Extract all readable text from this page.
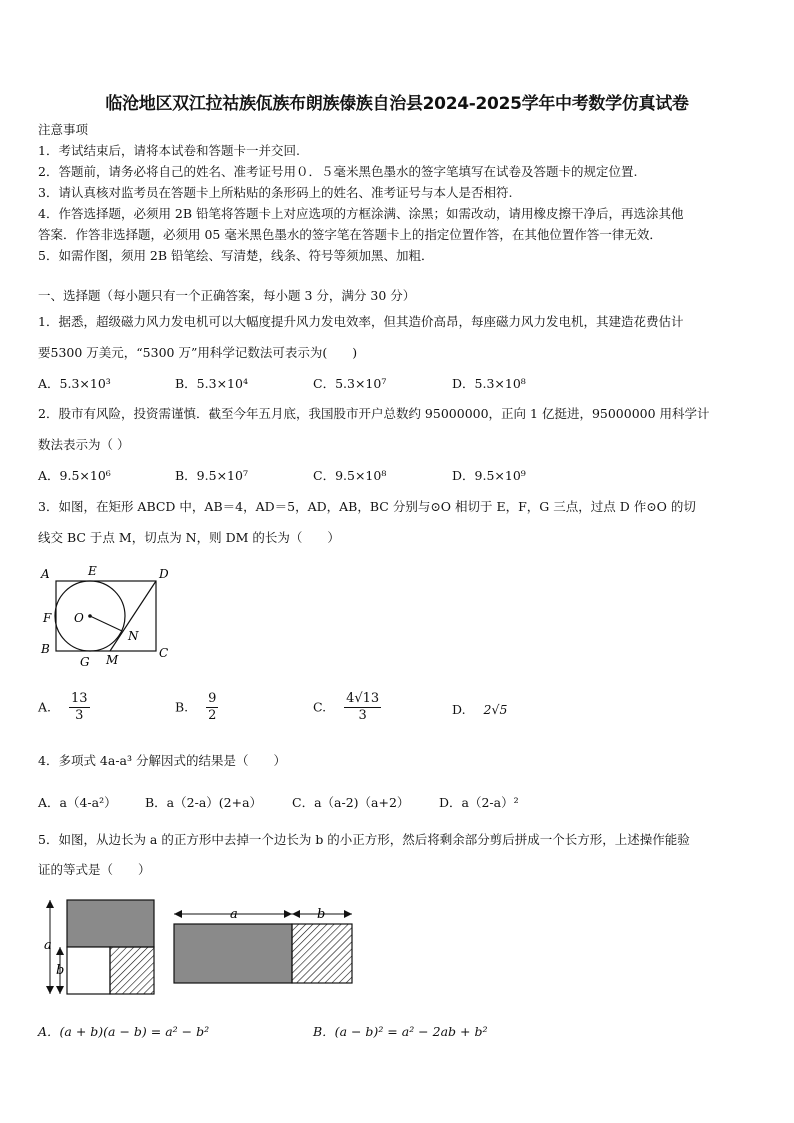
临沧地区双江拉祜族佤族布朗族傣族自治县2024-2025学年中考数学仿真试卷
注意事项
1．考试结束后，请将本试卷和答题卡一并交回.
2．答题前，请务必将自己的姓名、准考证号用０．５毫米黑色墨水的签字笔填写在试卷及答题卡的规定位置.
3．请认真核对监考员在答题卡上所粘贴的条形码上的姓名、准考证号与本人是否相符.
4．作答选择题，必须用 2B 铅笔将答题卡上对应选项的方框涂满、涂黑；如需改动，请用橡皮擦干净后，再选涂其他
答案．作答非选择题，必须用 05 毫米黑色墨水的签字笔在答题卡上的指定位置作答，在其他位置作答一律无效．
5．如需作图，须用 2B 铅笔绘、写清楚，线条、符号等须加黑、加粗．
一、选择题（每小题只有一个正确答案，每小题 3 分，满分 30 分）
1．据悉，超级磁力风力发电机可以大幅度提升风力发电效率，但其造价高昂，每座磁力风力发电机，其建造花费估计
要5300 万美元，“5300 万”用科学记数法可表示为(　　)
A．5.3×10³	B．5.3×10⁴	C．5.3×10⁷	D．5.3×10⁸
2．股市有风险，投资需谨慎．截至今年五月底，我国股市开户总数约 95000000，正向 1 亿挺进，95000000 用科学计
数法表示为（ ）
A．9.5×10⁶	B．9.5×10⁷	C．9.5×10⁸	D．9.5×10⁹
3．如图，在矩形 ABCD 中，AB＝4，AD＝5，AD，AB，BC 分别与⊙O 相切于 E，F，G 三点，过点 D 作⊙O 的切
线交 BC 于点 M，切点为 N，则 DM 的长为（　　）
A	E	D
F O
N
B
G M	C
A. $\frac{13}{3}$	B. $\frac{9}{2}$	C. $\frac{4√13}{3}$	D. 2√5
4．多项式 4a-a³ 分解因式的结果是（　　）
A．a（4-a²） B．a（2-a）(2+a） C．a（a-2)（a+2） D．a（2-a）²
5．如图，从边长为 a 的正方形中去掉一个边长为 b 的小正方形，然后将剩余部分剪后拼成一个长方形，上述操作能验
证的等式是（　　）
a
b
a	b
A．(a + b)(a − b) = a² − b²	B．(a − b)² = a² − 2ab + b²
